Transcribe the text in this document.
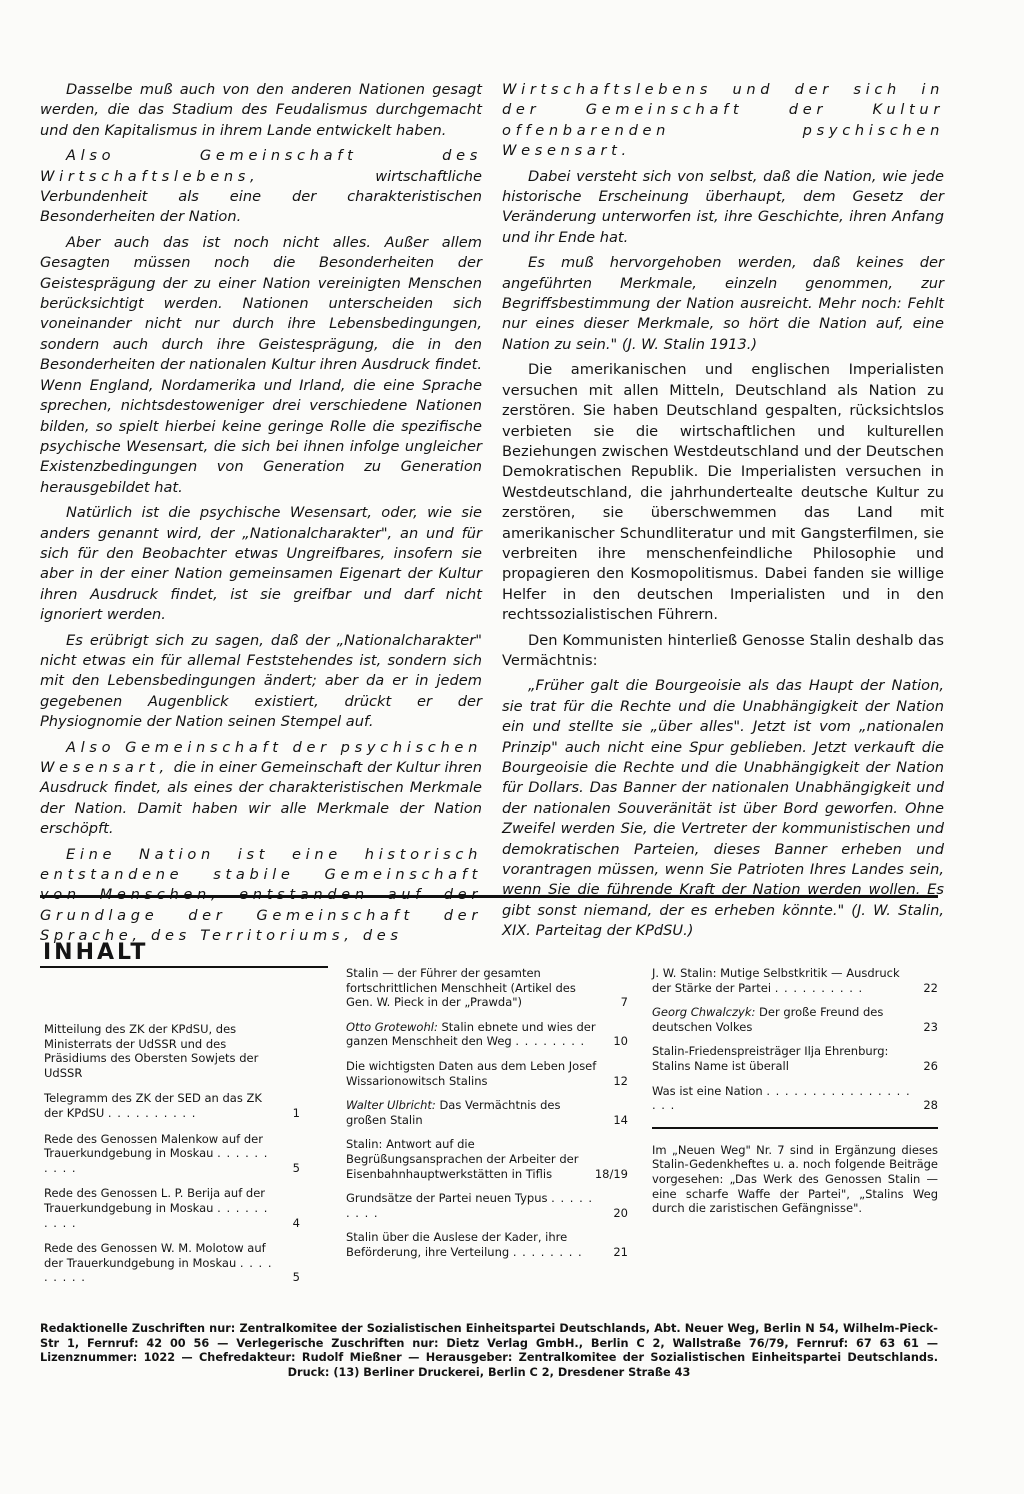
Dasselbe muß auch von den anderen Nationen gesagt werden, die das Stadium des Feudalismus durchgemacht und den Kapitalismus in ihrem Lande entwickelt haben.

Also Gemeinschaft des Wirtschaftslebens,	wirtschaftliche Verbundenheit als eine der charakteristischen Besonderheiten der Nation.

Aber auch das ist noch nicht alles. Außer allem Gesagten müssen noch die Besonderheiten der Geistesprägung der zu einer Nation vereinigten Menschen berücksichtigt werden. Nationen unterscheiden sich voneinander nicht nur durch ihre Lebensbedingungen, sondern auch durch ihre Geistesprägung, die in den Besonderheiten der nationalen Kultur ihren Ausdruck findet. Wenn England, Nordamerika und Irland, die eine Sprache sprechen, nichtsdestoweniger drei verschiedene Nationen bilden, so spielt hierbei keine geringe Rolle die spezifische psychische Wesensart, die sich bei ihnen infolge ungleicher Existenzbedingungen von Generation zu Generation herausgebildet hat.

Natürlich ist die psychische Wesensart, oder, wie sie anders genannt wird, der „Nationalcharakter", an und für sich für den Beobachter etwas Ungreifbares, insofern sie aber in der einer Nation gemeinsamen Eigenart der Kultur ihren Ausdruck findet, ist sie greifbar und darf nicht ignoriert werden.

Es erübrigt sich zu sagen, daß der „Nationalcharakter" nicht etwas ein für allemal Feststehendes ist, sondern sich mit den Lebensbedingungen ändert; aber da er in jedem gegebenen Augenblick existiert, drückt er der Physiognomie der Nation seinen Stempel auf.

Also Gemeinschaft der psychischen Wesensart, die in einer Gemeinschaft der Kultur ihren Ausdruck findet, als eines der charakteristischen Merkmale der Nation. Damit haben wir alle Merkmale der Nation erschöpft.

Eine Nation ist eine historisch entstandene stabile Gemeinschaft von Menschen, entstanden auf der Grundlage der Gemeinschaft der Sprache, des Territoriums, des

Wirtschaftslebens und der sich in der Gemeinschaft der Kultur offenbarenden psychischen Wesensart.

Dabei versteht sich von selbst, daß die Nation, wie jede historische Erscheinung überhaupt, dem Gesetz der Veränderung unterworfen ist, ihre Geschichte, ihren Anfang und ihr Ende hat.

Es muß hervorgehoben werden, daß keines der angeführten Merkmale, einzeln genommen, zur Begriffsbestimmung der Nation ausreicht. Mehr noch: Fehlt nur eines dieser Merkmale, so hört die Nation auf, eine Nation zu sein." (J. W. Stalin 1913.)

Die amerikanischen und englischen Imperialisten versuchen mit allen Mitteln, Deutschland als Nation zu zerstören. Sie haben Deutschland gespalten, rücksichtslos verbieten sie die wirtschaftlichen und kulturellen Beziehungen zwischen Westdeutschland und der Deutschen Demokratischen Republik. Die Imperialisten versuchen in Westdeutschland, die jahrhundertealte deutsche Kultur zu zerstören, sie überschwemmen das Land mit amerikanischer Schundliteratur und mit Gangsterfilmen, sie verbreiten ihre menschenfeindliche Philosophie und propagieren den Kosmopolitismus. Dabei fanden sie willige Helfer in den deutschen Imperialisten und in den rechtssozialistischen Führern.

Den Kommunisten hinterließ Genosse Stalin deshalb das Vermächtnis:

„Früher galt die Bourgeoisie als das Haupt der Nation, sie trat für die Rechte und die Unabhängigkeit der Nation ein und stellte sie „über alles". Jetzt ist vom „nationalen Prinzip" auch nicht eine Spur geblieben. Jetzt verkauft die Bourgeoisie die Rechte und die Unabhängigkeit der Nation für Dollars. Das Banner der nationalen Unabhängigkeit und der nationalen Souveränität ist über Bord geworfen. Ohne Zweifel werden Sie, die Vertreter der kommunistischen und demokratischen Parteien, dieses Banner erheben und vorantragen müssen, wenn Sie Patrioten Ihres Landes sein, wenn Sie die führende Kraft der Nation werden wollen. Es gibt sonst niemand, der es erheben könnte." (J. W. Stalin, XIX. Parteitag der KPdSU.)

INHALT
Mitteilung des ZK der KPdSU, des Ministerrats der UdSSR und des Präsidiums des Obersten Sowjets der UdSSR
Telegramm des ZK der SED an das ZK der KPdSU . . . . . . . . . .	1
Rede des Genossen Malenkow auf der Trauerkundgebung in Moskau . . . . . . . . . .	5
Rede des Genossen L. P. Berija auf der Trauerkundgebung in Moskau . . . . . . . . . .	4
Rede des Genossen W. M. Molotow auf der Trauerkundgebung in Moskau . . . . . . . . .	5
Stalin — der Führer der gesamten fortschrittlichen Menschheit (Artikel des Gen. W. Pieck in der „Prawda")	7
Otto Grotewohl: Stalin ebnete und wies der ganzen Menschheit den Weg . . . . . . . . 10
Die wichtigsten Daten aus dem Leben Josef Wissarionowitsch Stalins	12
Walter Ulbricht: Das Vermächtnis des großen Stalin	14
Stalin: Antwort auf die Begrüßungsansprachen der Arbeiter der Eisenbahnhauptwerkstätten in Tiflis	18/19
Grundsätze der Partei neuen Typus . . . . . . . . .	20
Stalin über die Auslese der Kader, ihre Beförderung, ihre Verteilung . . . . . . . .	21
J. W. Stalin: Mutige Selbstkritik — Ausdruck der Stärke der Partei . . . . . . . . . .	22
Georg Chwalczyk: Der große Freund des deutschen Volkes	23
Stalin-Friedenspreisträger Ilja Ehrenburg: Stalins Name ist überall	26
Was ist eine Nation . . . . . . . . . . . . . . . . . . .	28
Im „Neuen Weg" Nr. 7 sind in Ergänzung dieses Stalin-Gedenkheftes u. a. noch folgende Beiträge vorgesehen: „Das Werk des Genossen Stalin — eine scharfe Waffe der Partei", „Stalins Weg durch die zaristischen Gefängnisse".
Redaktionelle Zuschriften nur: Zentralkomitee der Sozialistischen Einheitspartei Deutschlands, Abt. Neuer Weg, Berlin N 54, Wilhelm-Pieck-Str 1, Fernruf: 42 00 56 — Verlegerische Zuschriften nur: Dietz Verlag GmbH., Berlin C 2, Wallstraße 76/79, Fernruf: 67 63 61 — Lizenznummer: 1022 — Chefredakteur: Rudolf Mießner — Herausgeber: Zentralkomitee der Sozialistischen Einheitspartei Deutschlands. Druck: (13) Berliner Druckerei, Berlin C 2, Dresdener Straße 43
